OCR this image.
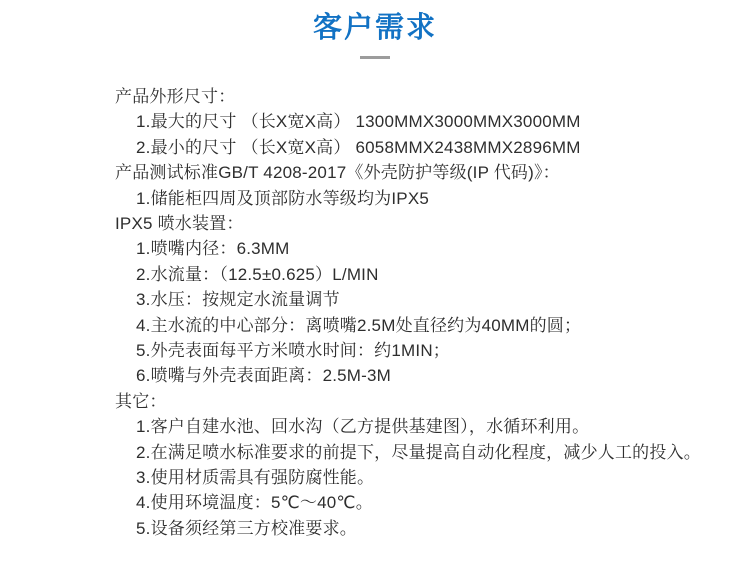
客户需求
产品外形尺寸：
1.最大的尺寸 （长X宽X高） 1300MMX3000MMX3000MM
2.最小的尺寸 （长X宽X高） 6058MMX2438MMX2896MM
产品测试标准GB/T 4208-2017《外壳防护等级(IP 代码)》：
1.储能柜四周及顶部防水等级均为IPX5
IPX5 喷水装置：
1.喷嘴内径：6.3MM
2.水流量：（12.5±0.625）L/MIN
3.水压：按规定水流量调节
4.主水流的中心部分：离喷嘴2.5M处直径约为40MM的圆；
5.外壳表面每平方米喷水时间：约1MIN；
6.喷嘴与外壳表面距离：2.5M-3M
其它：
1.客户自建水池、回水沟（乙方提供基建图），水循环利用。
2.在满足喷水标准要求的前提下，尽量提高自动化程度，减少人工的投入。
3.使用材质需具有强防腐性能。
4.使用环境温度：5℃～40℃。
5.设备须经第三方校准要求。
